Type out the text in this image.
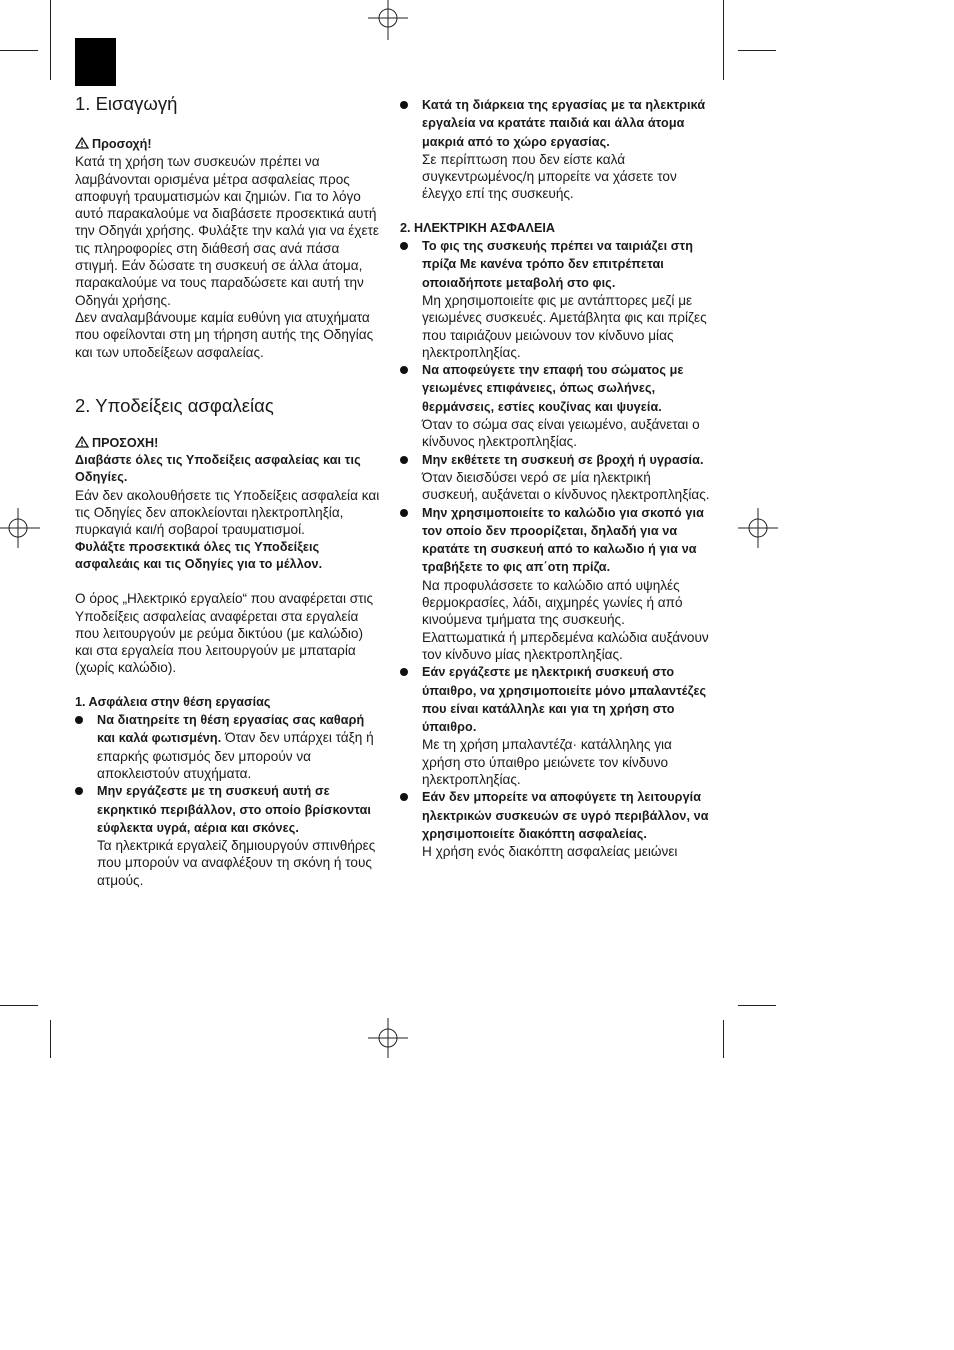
1. Εισαγωγή

Προσοχή!

Κατά τη χρήση των συσκευών πρέπει να λαμβάνονται ορισμένα μέτρα ασφαλείας προς αποφυγή τραυματισμών και ζημιών. Για το λόγο αυτό παρακαλούμε να διαβάσετε προσεκτικά αυτή την Οδηγάι χρήσης. Φυλάξτε την καλά για να έχετε τις πληροφορίες στη διάθεσή σας ανά πάσα στιγμή. Εάν δώσατε τη συσκευή σε άλλα άτομα, παρακαλούμε να τους παραδώσετε και αυτή την Οδηγάι χρήσης.

Δεν αναλαμβάνουμε καμία ευθύνη για ατυχήματα που οφείλονται στη μη τήρηση αυτής της Οδηγίας και των υποδείξεων ασφαλείας.

2. Υποδείξεις ασφαλείας

ΠΡΟΣΟΧΗ!

Διαβάστε όλες τις Υποδείξεις ασφαλείας και τις Οδηγίες.

Εάν δεν ακολουθήσετε τις Υποδείξεις ασφαλεία και τις Οδηγίες δεν αποκλείονται ηλεκτροπληξία, πυρκαγιά και/ή σοβαροί τραυματισμοί.

Φυλάξτε προσεκτικά όλες τις Υποδείξεις ασφαλεάις και τις Οδηγίες για το μέλλον.

Ο όρος „Ηλεκτρικό εργαλείο“ που αναφέρεται στις Υποδείξεις ασφαλείας αναφέρεται στα εργαλεία που λειτουργούν με ρεύμα δικτύου (με καλώδιο) και στα εργαλεία που λειτουργούν με μπαταρία (χωρίς καλώδιο).

1. Ασφάλεια στην θέση εργασίας

Να διατηρείτε τη θέση εργασίας σας καθαρή και καλά φωτισμένη. Όταν δεν υπάρχει τάξη ή επαρκής φωτισμός δεν μπορούν να αποκλειστούν ατυχήματα.
Μην εργάζεστε με τη συσκευή αυτή σε εκρηκτικό περιβάλλον, στο οποίο βρίσκονται εύφλεκτα υγρά, αέρια και σκόνες.
Τα ηλεκτρικά εργαλεiζ δημιουργούν σπινθήρες που μπορούν να αναφλέξουν τη σκόνη ή τους ατμούς.
Κατά τη διάρκεια της εργασίας με τα ηλεκτρικά εργαλεία να κρατάτε παιδιά και άλλα άτομα μακριά από το χώρο εργασίας.
Σε περίπτωση που δεν είστε καλά συγκεντρωμένος/η μπορείτε να χάσετε τον έλεγχο επί της συσκευής.

2. ΗΛΕΚΤΡΙΚΗ ΑΣΦΑΛΕΙΑ

Το φις της συσκευής πρέπει να ταιριάζει στη πρίζα Με κανένα τρόπο δεν επιτρέπεται οποιαδήποτε μεταβολή στο φις.
Μη χρησιμοποιείτε φις με αντάπτορες μεζί με γειωμένες συσκευές. Αμετάβλητα φις και πρίζες που ταιριάζουν μειώνουν τον κίνδυνο μίας ηλεκτροπληξίας.
Να αποφεύγετε την επαφή του σώματος με γειωμένες επιφάνειες, όπως σωλήνες, θερμάνσεις, εστίες κουζίνας και ψυγεία.
Όταν το σώμα σας είναι γειωμένο, αυξάνεται ο κίνδυνος ηλεκτροπληξίας.
Μην εκθέτετε τη συσκευή σε βροχή ή υγρασία.
Όταν διεισδύσει νερό σε μία ηλεκτρική συσκευή, αυξάνεται ο κίνδυνος ηλεκτροπληξίας.
Μην χρησιμοποιείτε το καλώδιο για σκοπό για τον οποίο δεν προορίζεται, δηλαδή για να κρατάτε τη συσκευή από το καλωδιο ή για να τραβήξετε το φις απ΄οτη πρίζα.
Να προφυλάσσετε το καλώδιο από υψηλές θερμοκρασίες, λάδι, αιχμηρές γωνίες ή από κινούμενα τμήματα της συσκευής. Ελαττωματικά ή μπερδεμένα καλώδια αυξάνουν τον κίνδυνο μίας ηλεκτροπληξίας.
Εάν εργάζεστε με ηλεκτρική συσκευή στο ύπαιθρο, να χρησιμοποιείτε μόνο μπαλαντέζες που είναι κατάλληλε και για τη χρήση στο ύπαιθρο.
Με τη χρήση μπαλαντέζα· κατάλληλης για χρήση στο ύπαιθρο μειώνετε τον κίνδυνο ηλεκτροπληξίας.
Εάν δεν μπορείτε να αποφύγετε τη λειτουργία ηλεκτρικών συσκευών σε υγρό περιβάλλον, να χρησιμοποιείτε διακόπτη ασφαλείας.
Η χρήση ενός διακόπτη ασφαλείας μειώνει
